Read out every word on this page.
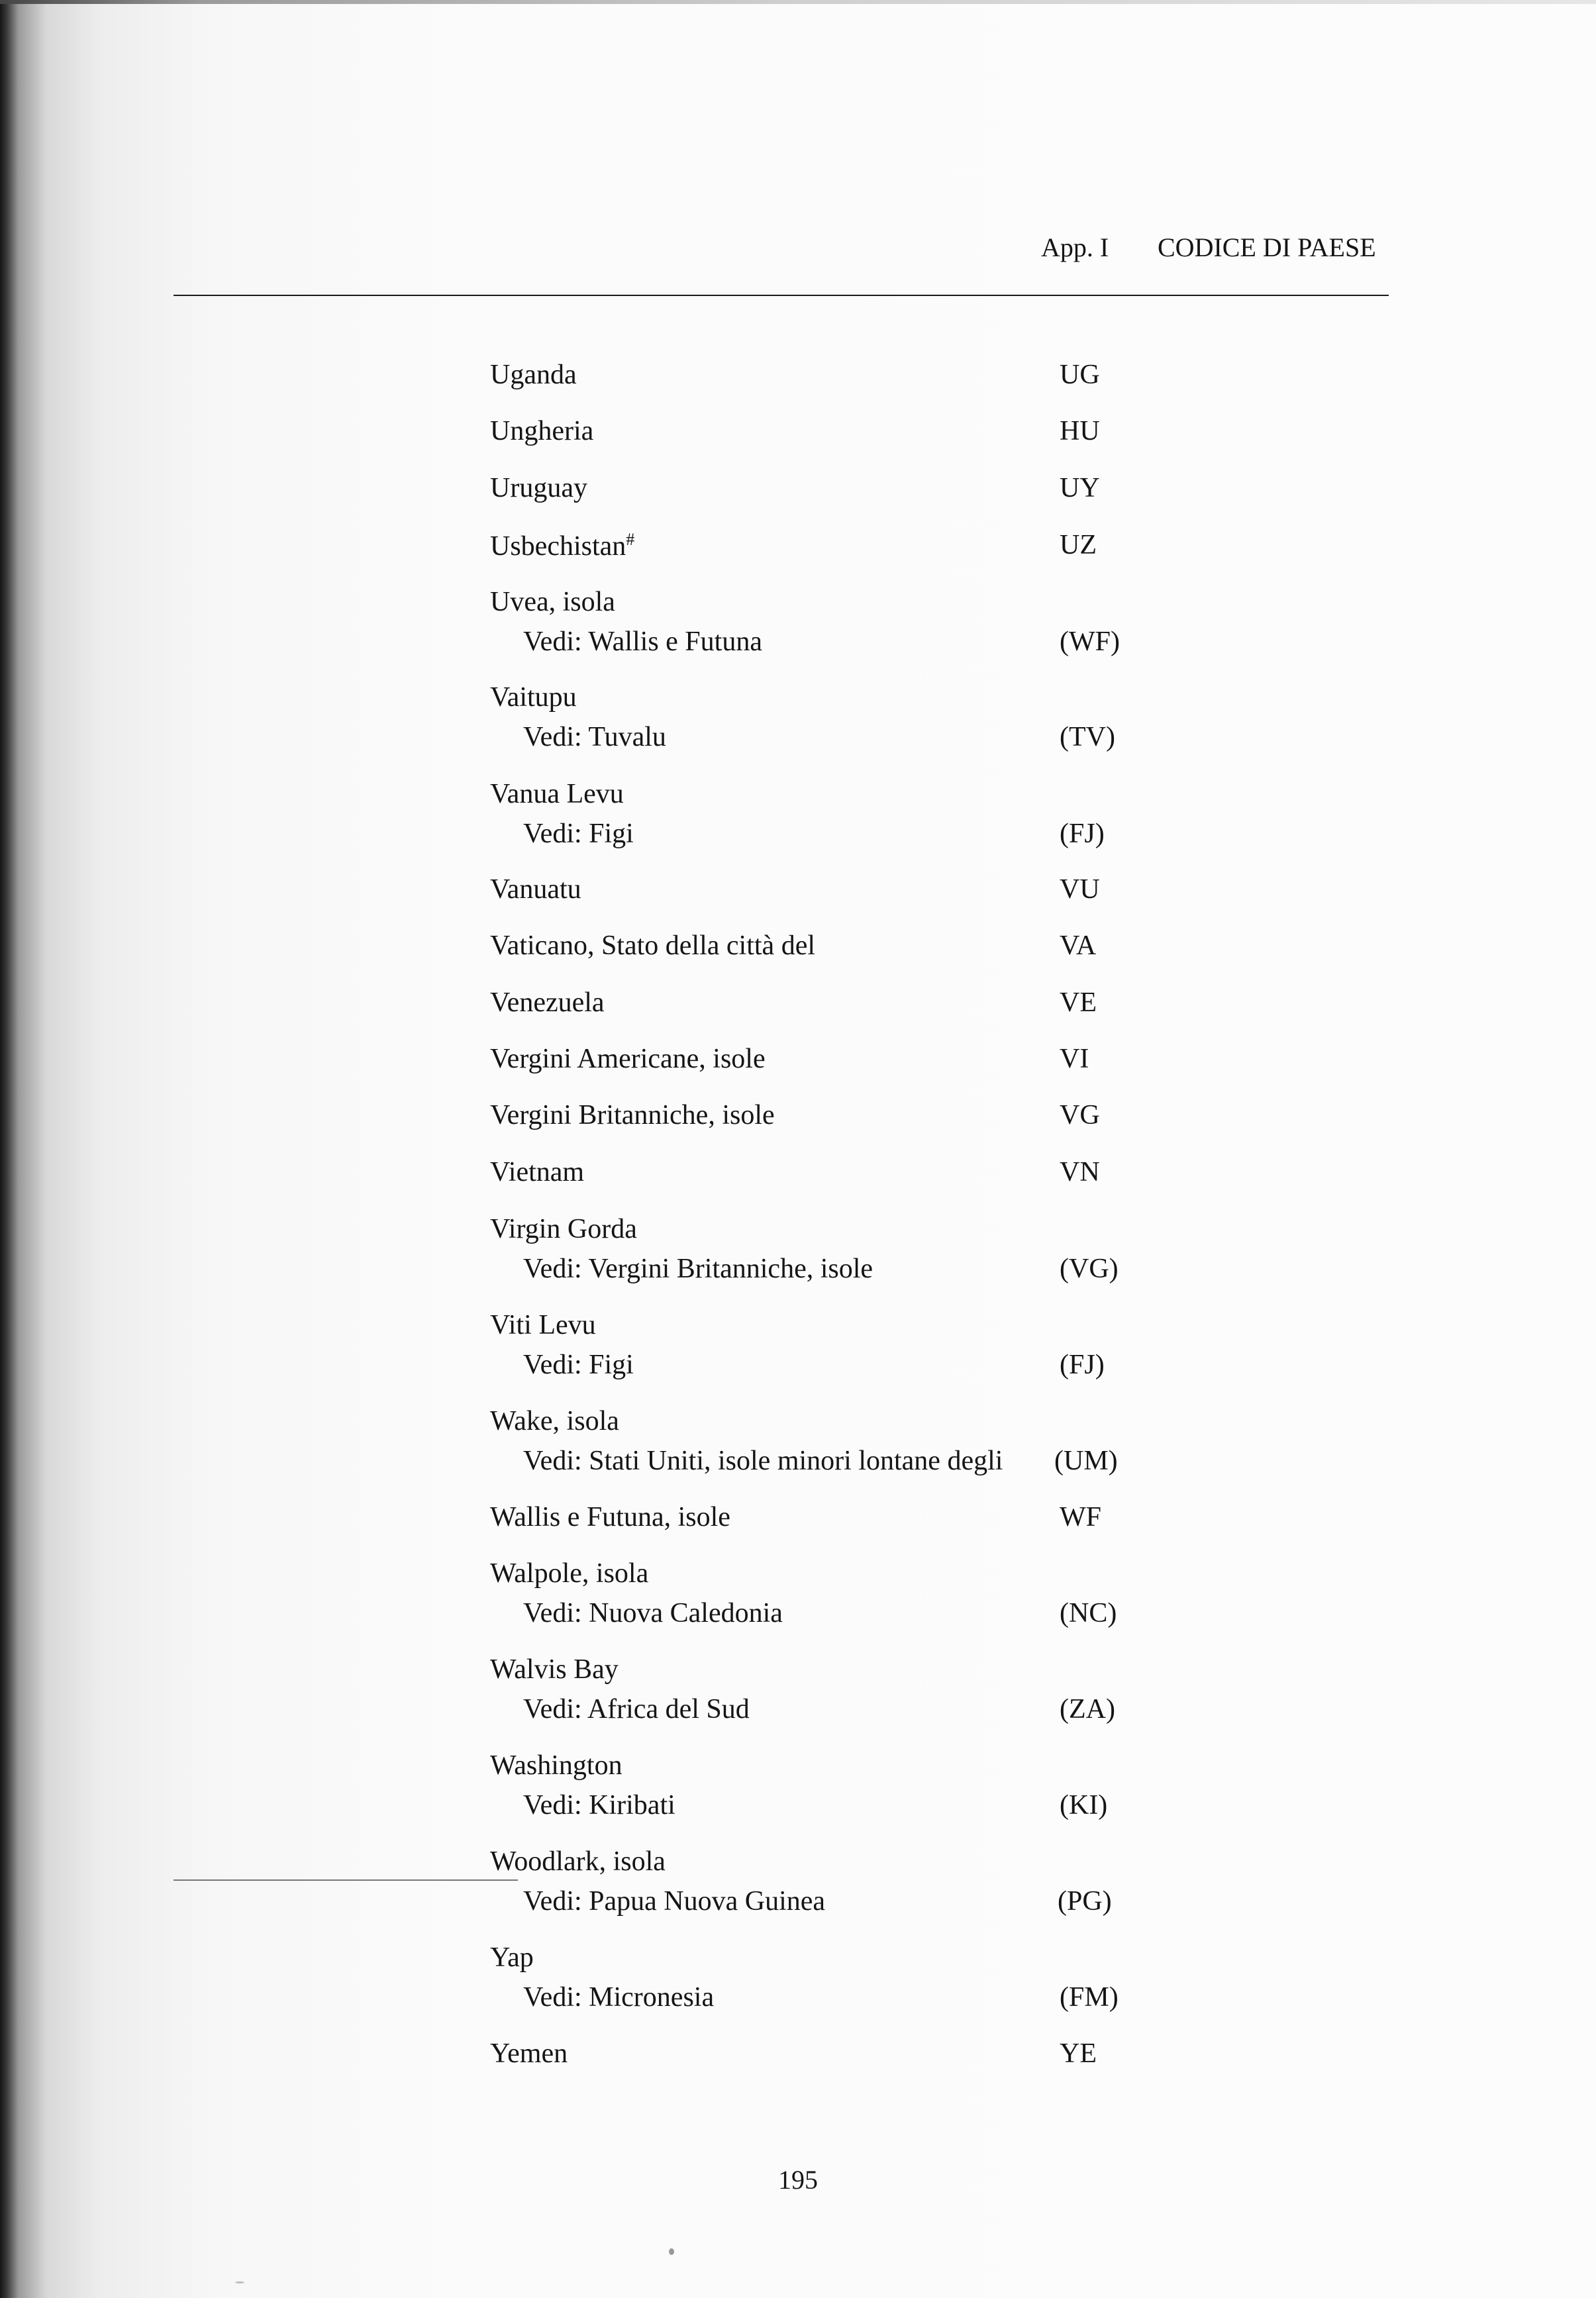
App. I CODICE DI PAESE
Uganda	UG
Ungheria	HU
Uruguay	UY
Usbechistan#	UZ
Uvea, isola
Vedi: Wallis e Futuna	(WF)
Vaitupu
Vedi: Tuvalu	(TV)
Vanua Levu
Vedi: Figi	(FJ)
Vanuatu	VU
Vaticano, Stato della città del	VA
Venezuela	VE
Vergini Americane, isole	VI
Vergini Britanniche, isole	VG
Vietnam	VN
Virgin Gorda
Vedi: Vergini Britanniche, isole	(VG)
Viti Levu
Vedi: Figi	(FJ)
Wake, isola
Vedi: Stati Uniti, isole minori lontane degli (UM)
Wallis e Futuna, isole	WF
Walpole, isola
Vedi: Nuova Caledonia	(NC)
Walvis Bay
Vedi: Africa del Sud	(ZA)
Washington
Vedi: Kiribati	(KI)
Woodlark, isola
Vedi: Papua Nuova Guinea	(PG)
Yap
Vedi: Micronesia	(FM)
Yemen	YE
195
